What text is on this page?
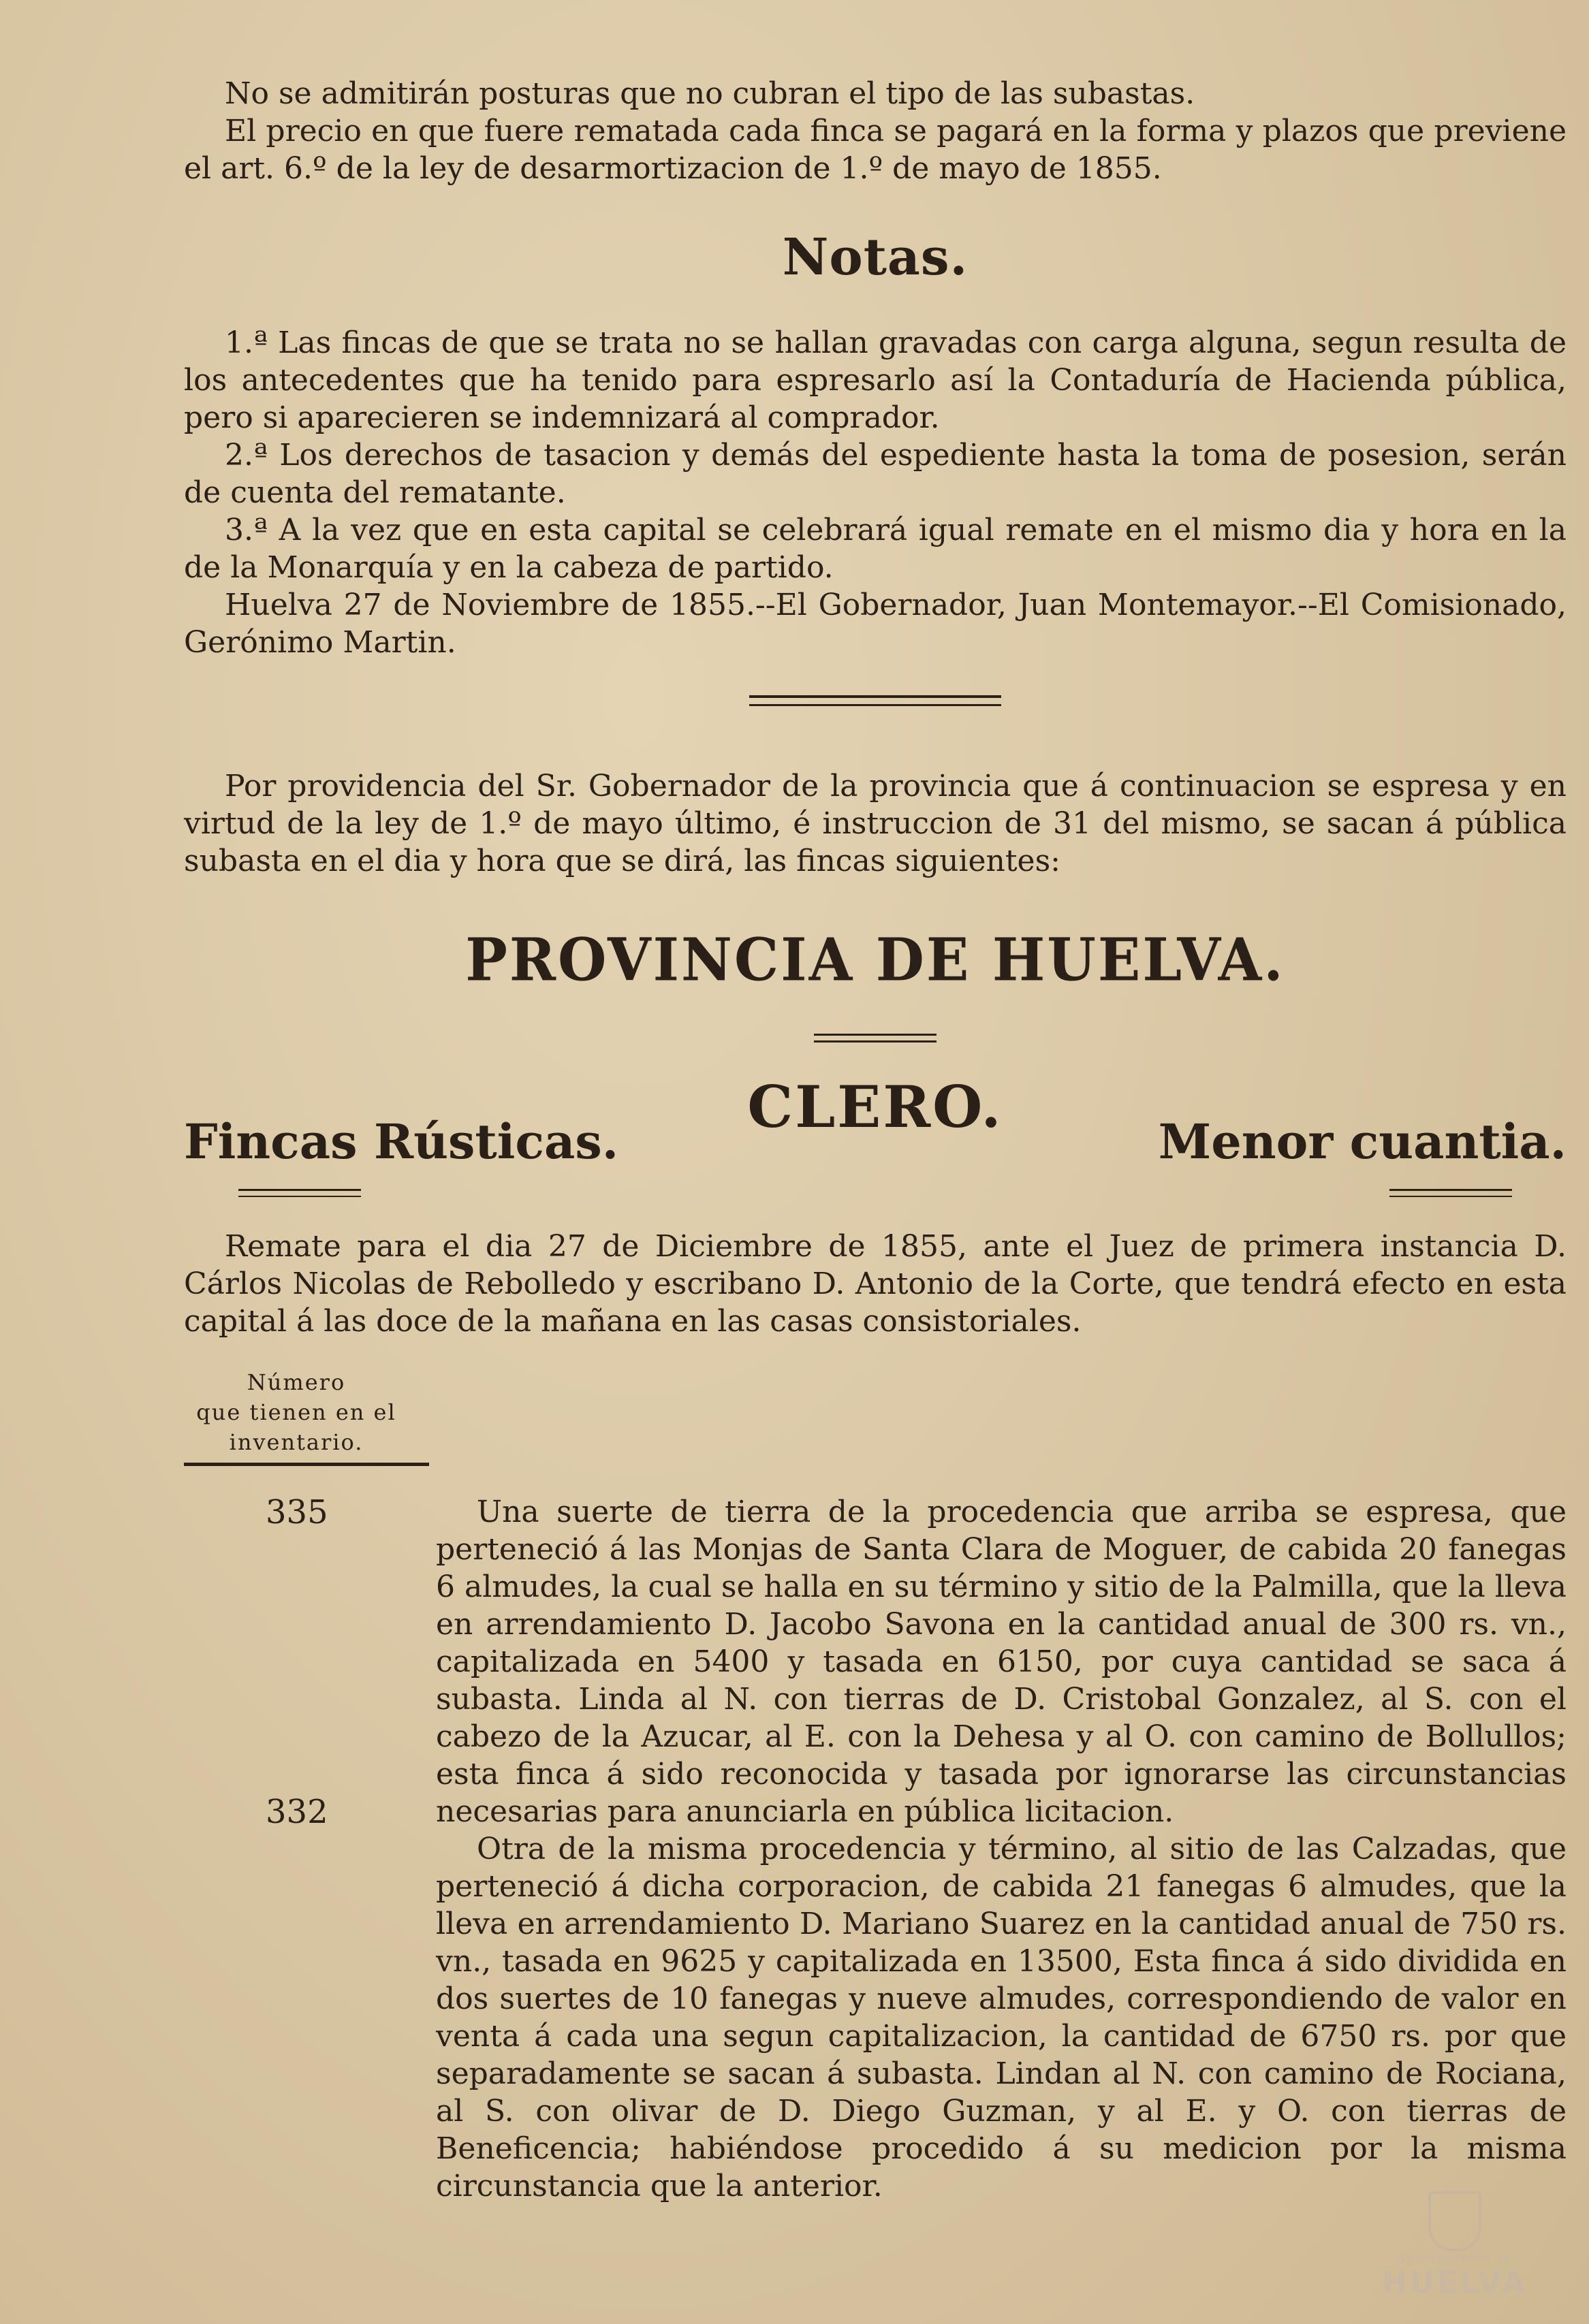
No se admitirán posturas que no cubran el tipo de las subastas.

El precio en que fuere rematada cada finca se pagará en la forma y plazos que previene el art. 6.º de la ley de desarmortizacion de 1.º de mayo de 1855.

Notas.

1.ª Las fincas de que se trata no se hallan gravadas con carga alguna, segun resulta de los antecedentes que ha tenido para espresarlo así la Contaduría de Hacienda pública, pero si aparecieren se indemnizará al comprador.

2.ª Los derechos de tasacion y demás del espediente hasta la toma de posesion, serán de cuenta del rematante.

3.ª A la vez que en esta capital se celebrará igual remate en el mismo dia y hora en la de la Monarquía y en la cabeza de partido.

Huelva 27 de Noviembre de 1855.--El Gobernador, Juan Montemayor.--El Comisionado, Gerónimo Martin.

Por providencia del Sr. Gobernador de la provincia que á continuacion se espresa y en virtud de la ley de 1.º de mayo último, é instruccion de 31 del mismo, se sacan á pública subasta en el dia y hora que se dirá, las fincas siguientes:

PROVINCIA DE HUELVA.
CLERO.
Fincas Rústicas.	Menor cuantia.

Remate para el dia 27 de Diciembre de 1855, ante el Juez de primera instancia D. Cárlos Nicolas de Rebolledo y escribano D. Antonio de la Corte, que tendrá efecto en esta capital á las doce de la mañana en las casas consistoriales.

Número
que tienen en el
inventario.
335	Una suerte de tierra de la procedencia que arriba se espresa, que perteneció á las Monjas de Santa Clara de Moguer, de cabida 20 fanegas 6 almudes, la cual se halla en su término y sitio de la Palmilla, que la lleva en arrendamiento D. Jacobo Savona en la cantidad anual de 300 rs. vn., capitalizada en 5400 y tasada en 6150, por cuya cantidad se saca á subasta. Linda al N. con tierras de D. Cristobal Gonzalez, al S. con el cabezo de la Azucar, al E. con la Dehesa y al O. con camino de Bollullos; esta finca á sido reconocida y tasada por ignorarse las circunstancias necesarias para anunciarla en pública licitacion.

332

Otra de la misma procedencia y término, al sitio de las Calzadas, que perteneció á dicha corporacion, de cabida 21 fanegas 6 almudes, que la lleva en arrendamiento D. Mariano Suarez en la cantidad anual de 750 rs. vn., tasada en 9625 y capitalizada en 13500, Esta finca á sido dividida en dos suertes de 10 fanegas y nueve almudes, correspondiendo de valor en venta á cada una segun capitalizacion, la cantidad de 6750 rs. por que separadamente se sacan á subasta. Lindan al N. con camino de Rociana, al S. con olivar de D. Diego Guzman, y al E. y O. con tierras de Beneficencia; habiéndose procedido á su medicion por la misma circunstancia que la anterior.

ayuntamiento de
HUELVA
